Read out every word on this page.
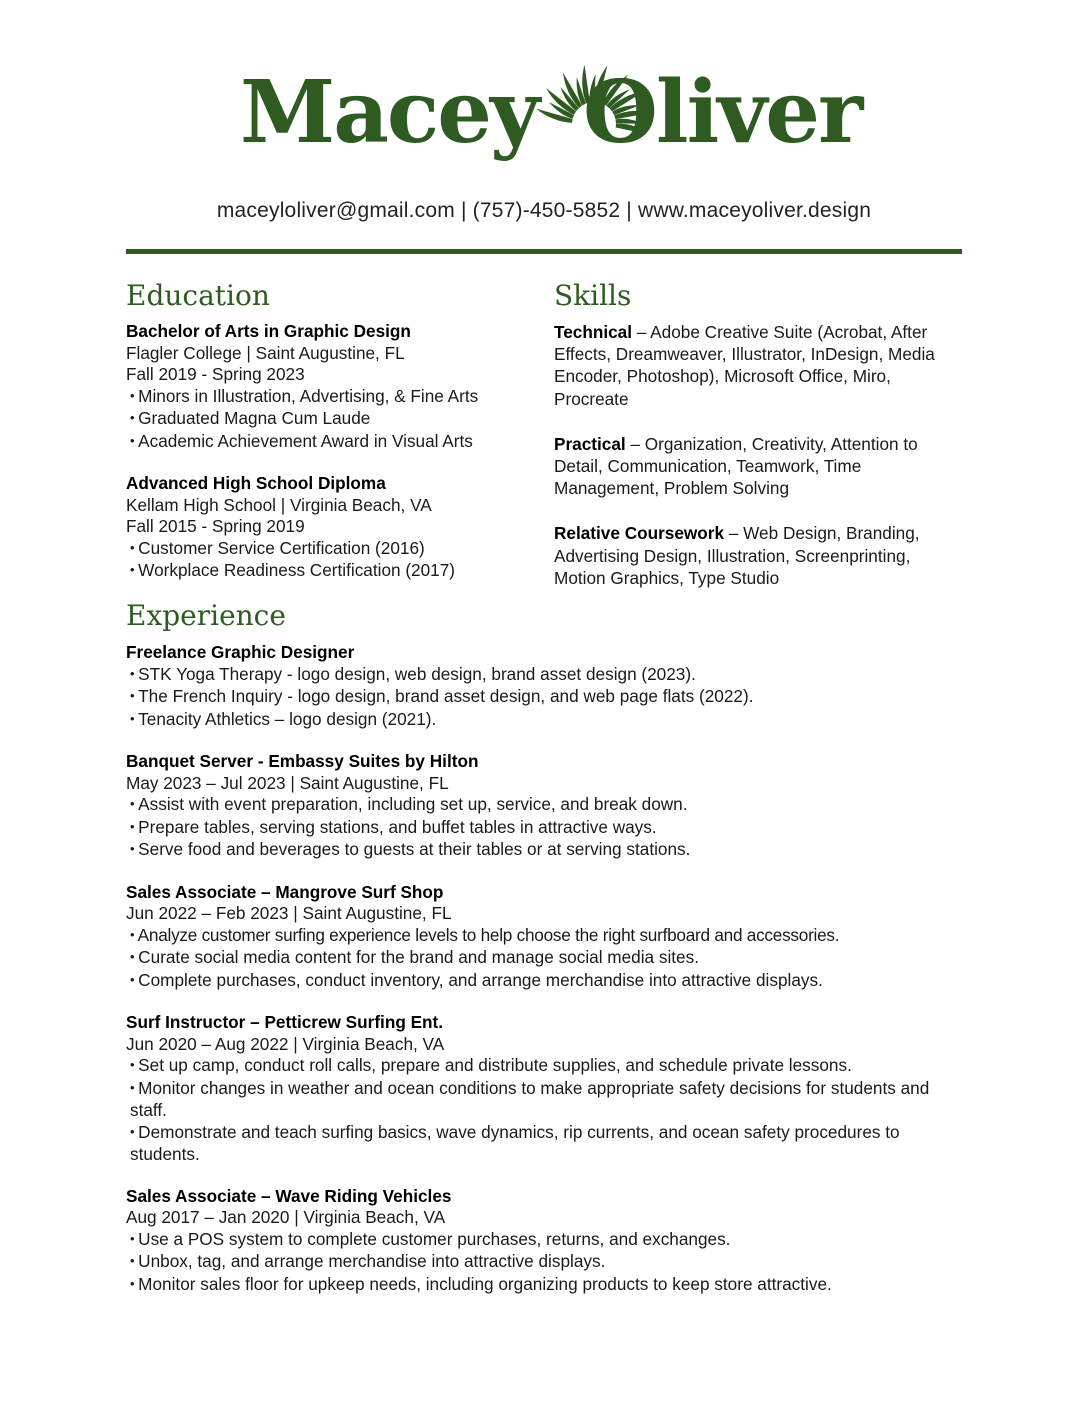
Macey Oliver
maceyloliver@gmail.com | (757)-450-5852 | www.maceyoliver.design
Education
Bachelor of Arts in Graphic Design
Flagler College | Saint Augustine, FL
Fall 2019 - Spring 2023
• Minors in Illustration, Advertising, & Fine Arts
• Graduated Magna Cum Laude
• Academic Achievement Award in Visual Arts
Advanced High School Diploma
Kellam High School | Virginia Beach, VA
Fall 2015 - Spring 2019
• Customer Service Certification (2016)
• Workplace Readiness Certification (2017)
Skills

Technical – Adobe Creative Suite (Acrobat, After Effects, Dreamweaver, Illustrator, InDesign, Media Encoder, Photoshop), Microsoft Office, Miro, Procreate

Practical – Organization, Creativity, Attention to Detail, Communication, Teamwork, Time Management, Problem Solving

Relative Coursework – Web Design, Branding, Advertising Design, Illustration, Screenprinting, Motion Graphics, Type Studio

Experience
Freelance Graphic Designer
• STK Yoga Therapy - logo design, web design, brand asset design (2023).
• The French Inquiry - logo design, brand asset design, and web page flats (2022).
• Tenacity Athletics – logo design (2021).
Banquet Server - Embassy Suites by Hilton
May 2023 – Jul 2023 | Saint Augustine, FL
• Assist with event preparation, including set up, service, and break down.
• Prepare tables, serving stations, and buffet tables in attractive ways.
• Serve food and beverages to guests at their tables or at serving stations.
Sales Associate – Mangrove Surf Shop
Jun 2022 – Feb 2023 | Saint Augustine, FL
• Analyze customer surfing experience levels to help choose the right surfboard and accessories.
• Curate social media content for the brand and manage social media sites.
• Complete purchases, conduct inventory, and arrange merchandise into attractive displays.
Surf Instructor – Petticrew Surfing Ent.
Jun 2020 – Aug 2022 | Virginia Beach, VA
• Set up camp, conduct roll calls, prepare and distribute supplies, and schedule private lessons.
• Monitor changes in weather and ocean conditions to make appropriate safety decisions for students and staff.
• Demonstrate and teach surfing basics, wave dynamics, rip currents, and ocean safety procedures to students.
Sales Associate – Wave Riding Vehicles
Aug 2017 – Jan 2020 | Virginia Beach, VA
• Use a POS system to complete customer purchases, returns, and exchanges.
• Unbox, tag, and arrange merchandise into attractive displays.
• Monitor sales floor for upkeep needs, including organizing products to keep store attractive.
